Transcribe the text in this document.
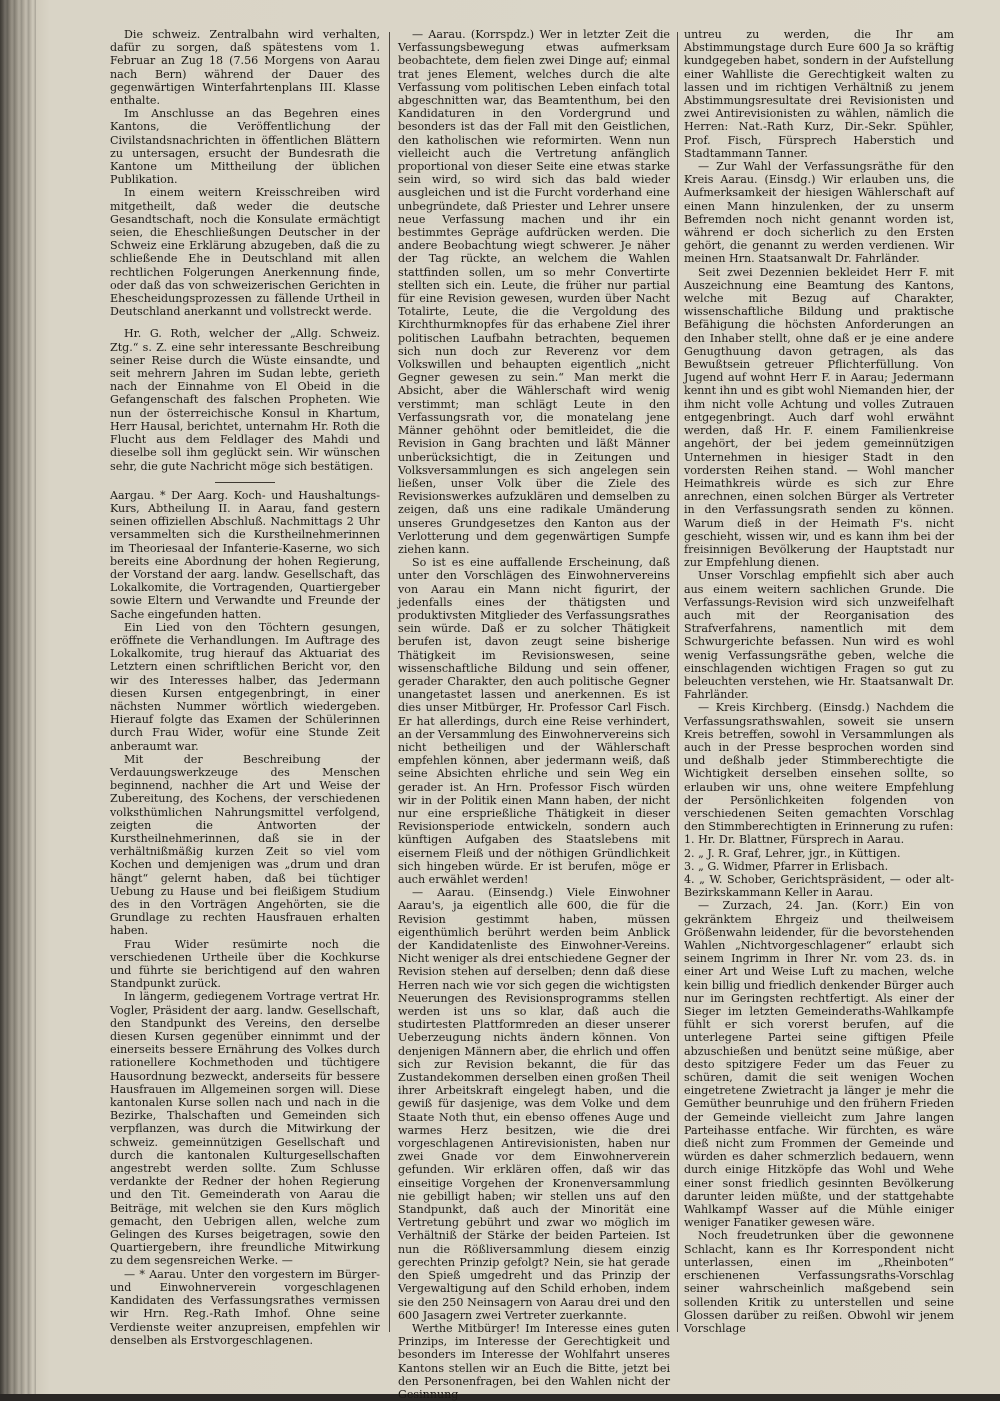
Die schweiz. Zentralbahn wird verhalten, dafür zu sorgen, daß spätestens vom 1. Februar an Zug 18 (7.56 Morgens von Aarau nach Bern) während der Dauer des gegenwärtigen Winterfahrtenplans III. Klasse enthalte.

Im Anschlusse an das Begehren eines Kantons, die Veröffentlichung der Civilstandsnachrichten in öffentlichen Blättern zu untersagen, ersucht der Bundesrath die Kantone um Mittheilung der üblichen Publikation.

In einem weitern Kreisschreiben wird mitgetheilt, daß weder die deutsche Gesandtschaft, noch die Konsulate ermächtigt seien, die Eheschließungen Deutscher in der Schweiz eine Erklärung abzugeben, daß die zu schließende Ehe in Deutschland mit allen rechtlichen Folgerungen Anerkennung finde, oder daß das von schweizerischen Gerichten in Ehescheidungsprozessen zu fällende Urtheil in Deutschland anerkannt und vollstreckt werde.

Hr. G. Roth, welcher der „Allg. Schweiz. Ztg.“ s. Z. eine sehr interessante Beschreibung seiner Reise durch die Wüste einsandte, und seit mehrern Jahren im Sudan lebte, gerieth nach der Einnahme von El Obeid in die Gefangenschaft des falschen Propheten. Wie nun der österreichische Konsul in Khartum, Herr Hausal, berichtet, unternahm Hr. Roth die Flucht aus dem Feldlager des Mahdi und dieselbe soll ihm geglückt sein. Wir wünschen sehr, die gute Nachricht möge sich bestätigen.

Aargau. * Der Aarg. Koch- und Haushaltungs-Kurs, Abtheilung II. in Aarau, fand gestern seinen offiziellen Abschluß. Nachmittags 2 Uhr versammelten sich die Kurstheilnehmerinnen im Theoriesaal der Infanterie-Kaserne, wo sich bereits eine Abordnung der hohen Regierung, der Vorstand der aarg. landw. Gesellschaft, das Lokalkomite, die Vortragenden, Quartiergeber sowie Eltern und Verwandte und Freunde der Sache eingefunden hatten.

Ein Lied von den Töchtern gesungen, eröffnete die Verhandlungen. Im Auftrage des Lokalkomite, trug hierauf das Aktuariat des Letztern einen schriftlichen Bericht vor, den wir des Interesses halber, das Jedermann diesen Kursen entgegenbringt, in einer nächsten Nummer wörtlich wiedergeben. Hierauf folgte das Examen der Schülerinnen durch Frau Wider, wofür eine Stunde Zeit anberaumt war.

Mit der Beschreibung der Verdauungswerkzeuge des Menschen beginnend, nachher die Art und Weise der Zubereitung, des Kochens, der verschiedenen volksthümlichen Nahrungsmittel verfolgend, zeigten die Antworten der Kurstheilnehmerinnen, daß sie in der verhältnißmäßig kurzen Zeit so viel vom Kochen und demjenigen was „drum und dran hängt“ gelernt haben, daß bei tüchtiger Uebung zu Hause und bei fleißigem Studium des in den Vorträgen Angehörten, sie die Grundlage zu rechten Hausfrauen erhalten haben.

Frau Wider resümirte noch die verschiedenen Urtheile über die Kochkurse und führte sie berichtigend auf den wahren Standpunkt zurück.

In längerm, gediegenem Vortrage vertrat Hr. Vogler, Präsident der aarg. landw. Gesellschaft, den Standpunkt des Vereins, den derselbe diesen Kursen gegenüber einnimmt und der einerseits bessere Ernährung des Volkes durch rationellere Kochmethoden und tüchtigere Hausordnung bezweckt, anderseits für bessere Hausfrauen im Allgemeinen sorgen will. Diese kantonalen Kurse sollen nach und nach in die Bezirke, Thalschaften und Gemeinden sich verpflanzen, was durch die Mitwirkung der schweiz. gemeinnützigen Gesellschaft und durch die kantonalen Kulturgesellschaften angestrebt werden sollte. Zum Schlusse verdankte der Redner der hohen Regierung und den Tit. Gemeinderath von Aarau die Beiträge, mit welchen sie den Kurs möglich gemacht, den Uebrigen allen, welche zum Gelingen des Kurses beigetragen, sowie den Quartiergebern, ihre freundliche Mitwirkung zu dem segensreichen Werke. —

— * Aarau. Unter den vorgestern im Bürger- und Einwohnerverein vorgeschlagenen Kandidaten des Verfassungsrathes vermissen wir Hrn. Reg.-Rath Imhof. Ohne seine Verdienste weiter anzupreisen, empfehlen wir denselben als Erstvorgeschlagenen.

— Aarau. (Korrspdz.) Wer in letzter Zeit die Verfassungsbewegung etwas aufmerksam beobachtete, dem fielen zwei Dinge auf; einmal trat jenes Element, welches durch die alte Verfassung vom politischen Leben einfach total abgeschnitten war, das Beamtenthum, bei den Kandidaturen in den Vordergrund und besonders ist das der Fall mit den Geistlichen, den katholischen wie reformirten. Wenn nun vielleicht auch die Vertretung anfänglich proportional von dieser Seite eine etwas starke sein wird, so wird sich das bald wieder ausgleichen und ist die Furcht vorderhand eine unbegründete, daß Priester und Lehrer unsere neue Verfassung machen und ihr ein bestimmtes Gepräge aufdrücken werden. Die andere Beobachtung wiegt schwerer. Je näher der Tag rückte, an welchem die Wahlen stattfinden sollen, um so mehr Convertirte stellten sich ein. Leute, die früher nur partial für eine Revision gewesen, wurden über Nacht Totalirte, Leute, die die Vergoldung des Kirchthurmknopfes für das erhabene Ziel ihrer politischen Laufbahn betrachten, bequemen sich nun doch zur Reverenz vor dem Volkswillen und behaupten eigentlich „nicht Gegner gewesen zu sein.“ Man merkt die Absicht, aber die Wählerschaft wird wenig verstimmt; man schlägt Leute in den Verfassungsrath vor, die monatelang jene Männer gehöhnt oder bemitleidet, die die Revision in Gang brachten und läßt Männer unberücksichtigt, die in Zeitungen und Volksversammlungen es sich angelegen sein ließen, unser Volk über die Ziele des Revisionswerkes aufzuklären und demselben zu zeigen, daß uns eine radikale Umänderung unseres Grundgesetzes den Kanton aus der Verlotterung und dem gegenwärtigen Sumpfe ziehen kann.

So ist es eine auffallende Erscheinung, daß unter den Vorschlägen des Einwohnervereins von Aarau ein Mann nicht figurirt, der jedenfalls eines der thätigsten und produktivsten Mitglieder des Verfassungsrathes sein würde. Daß er zu solcher Thätigkeit berufen ist, davon zeugt seine bisherige Thätigkeit im Revisionswesen, seine wissenschaftliche Bildung und sein offener, gerader Charakter, den auch politische Gegner unangetastet lassen und anerkennen. Es ist dies unser Mitbürger, Hr. Professor Carl Fisch. Er hat allerdings, durch eine Reise verhindert, an der Versammlung des Einwohnervereins sich nicht betheiligen und der Wählerschaft empfehlen können, aber jedermann weiß, daß seine Absichten ehrliche und sein Weg ein gerader ist. An Hrn. Professor Fisch würden wir in der Politik einen Mann haben, der nicht nur eine ersprießliche Thätigkeit in dieser Revisionsperiode entwickeln, sondern auch künftigen Aufgaben des Staatslebens mit eisernem Fleiß und der nöthigen Gründlichkeit sich hingeben würde. Er ist berufen, möge er auch erwählet werden!

— Aarau. (Einsendg.) Viele Einwohner Aarau's, ja eigentlich alle 600, die für die Revision gestimmt haben, müssen eigenthümlich berührt werden beim Anblick der Kandidatenliste des Einwohner-Vereins. Nicht weniger als drei entschiedene Gegner der Revision stehen auf derselben; denn daß diese Herren nach wie vor sich gegen die wichtigsten Neuerungen des Revisionsprogramms stellen werden ist uns so klar, daß auch die studirtesten Plattformreden an dieser unserer Ueberzeugung nichts ändern können. Von denjenigen Männern aber, die ehrlich und offen sich zur Revision bekannt, die für das Zustandekommen derselben einen großen Theil ihrer Arbeitskraft eingelegt haben, und die gewiß für dasjenige, was dem Volke und dem Staate Noth thut, ein ebenso offenes Auge und warmes Herz besitzen, wie die drei vorgeschlagenen Antirevisionisten, haben nur zwei Gnade vor dem Einwohnerverein gefunden. Wir erklären offen, daß wir das einseitige Vorgehen der Kronenversammlung nie gebilligt haben; wir stellen uns auf den Standpunkt, daß auch der Minorität eine Vertretung gebührt und zwar wo möglich im Verhältniß der Stärke der beiden Parteien. Ist nun die Rößliversammlung diesem einzig gerechten Prinzip gefolgt? Nein, sie hat gerade den Spieß umgedreht und das Prinzip der Vergewaltigung auf den Schild erhoben, indem sie den 250 Neinsagern von Aarau drei und den 600 Jasagern zwei Vertreter zuerkannte.

Werthe Mitbürger! Im Interesse eines guten Prinzips, im Interesse der Gerechtigkeit und besonders im Interesse der Wohlfahrt unseres Kantons stellen wir an Euch die Bitte, jetzt bei den Personenfragen, bei den Wahlen nicht der Gesinnung

untreu zu werden, die Ihr am Abstimmungstage durch Eure 600 Ja so kräftig kundgegeben habet, sondern in der Aufstellung einer Wahlliste die Gerechtigkeit walten zu lassen und im richtigen Verhältniß zu jenem Abstimmungsresultate drei Revisionisten und zwei Antirevisionisten zu wählen, nämlich die Herren: Nat.-Rath Kurz, Dir.-Sekr. Spühler, Prof. Fisch, Fürsprech Haberstich und Stadtammann Tanner.

— Zur Wahl der Verfassungsräthe für den Kreis Aarau. (Einsdg.) Wir erlauben uns, die Aufmerksamkeit der hiesigen Wählerschaft auf einen Mann hinzulenken, der zu unserm Befremden noch nicht genannt worden ist, während er doch sicherlich zu den Ersten gehört, die genannt zu werden verdienen. Wir meinen Hrn. Staatsanwalt Dr. Fahrländer.

Seit zwei Dezennien bekleidet Herr F. mit Auszeichnung eine Beamtung des Kantons, welche mit Bezug auf Charakter, wissenschaftliche Bildung und praktische Befähigung die höchsten Anforderungen an den Inhaber stellt, ohne daß er je eine andere Genugthuung davon getragen, als das Bewußtsein getreuer Pflichterfüllung. Von Jugend auf wohnt Herr F. in Aarau; Jedermann kennt ihn und es gibt wohl Niemanden hier, der ihm nicht volle Achtung und volles Zutrauen entgegenbringt. Auch darf wohl erwähnt werden, daß Hr. F. einem Familienkreise angehört, der bei jedem gemeinnützigen Unternehmen in hiesiger Stadt in den vordersten Reihen stand. — Wohl mancher Heimathkreis würde es sich zur Ehre anrechnen, einen solchen Bürger als Vertreter in den Verfassungsrath senden zu können. Warum dieß in der Heimath F's. nicht geschieht, wissen wir, und es kann ihm bei der freisinnigen Bevölkerung der Hauptstadt nur zur Empfehlung dienen.

Unser Vorschlag empfiehlt sich aber auch aus einem weitern sachlichen Grunde. Die Verfassungs-Revision wird sich unzweifelhaft auch mit der Reorganisation des Strafverfahrens, namentlich mit dem Schwurgerichte befassen. Nun wird es wohl wenig Verfassungsräthe geben, welche die einschlagenden wichtigen Fragen so gut zu beleuchten verstehen, wie Hr. Staatsanwalt Dr. Fahrländer.

— Kreis Kirchberg. (Einsdg.) Nachdem die Verfassungsrathswahlen, soweit sie unsern Kreis betreffen, sowohl in Versammlungen als auch in der Presse besprochen worden sind und deßhalb jeder Stimmberechtigte die Wichtigkeit derselben einsehen sollte, so erlauben wir uns, ohne weitere Empfehlung der Persönlichkeiten folgenden von verschiedenen Seiten gemachten Vorschlag den Stimmberechtigten in Erinnerung zu rufen:

1. Hr. Dr. Blattner, Fürsprech in Aarau.

2. „ J. R. Graf, Lehrer, jgr., in Küttigen.

3. „ G. Widmer, Pfarrer in Erlisbach.

4. „ W. Schober, Gerichtspräsident, — oder alt-Bezirkskammann Keller in Aarau.

— Zurzach, 24. Jan. (Korr.) Ein von gekränktem Ehrgeiz und theilweisem Größenwahn leidender, für die bevorstehenden Wahlen „Nichtvorgeschlagener“ erlaubt sich seinem Ingrimm in Ihrer Nr. vom 23. ds. in einer Art und Weise Luft zu machen, welche kein billig und friedlich denkender Bürger auch nur im Geringsten rechtfertigt. Als einer der Sieger im letzten Gemeinderaths-Wahlkampfe fühlt er sich vorerst berufen, auf die unterlegene Partei seine giftigen Pfeile abzuschießen und benützt seine müßige, aber desto spitzigere Feder um das Feuer zu schüren, damit die seit wenigen Wochen eingetretene Zwietracht ja länger je mehr die Gemüther beunruhige und den frühern Frieden der Gemeinde vielleicht zum Jahre langen Parteihasse entfache. Wir fürchten, es wäre dieß nicht zum Frommen der Gemeinde und würden es daher schmerzlich bedauern, wenn durch einige Hitzköpfe das Wohl und Wehe einer sonst friedlich gesinnten Bevölkerung darunter leiden müßte, und der stattgehabte Wahlkampf Wasser auf die Mühle einiger weniger Fanatiker gewesen wäre.

Noch freudetrunken über die gewonnene Schlacht, kann es Ihr Korrespondent nicht unterlassen, einen im „Rheinboten“ erschienenen Verfassungsraths-Vorschlag seiner wahrscheinlich maßgebend sein sollenden Kritik zu unterstellen und seine Glossen darüber zu reißen. Obwohl wir jenem Vorschlage
